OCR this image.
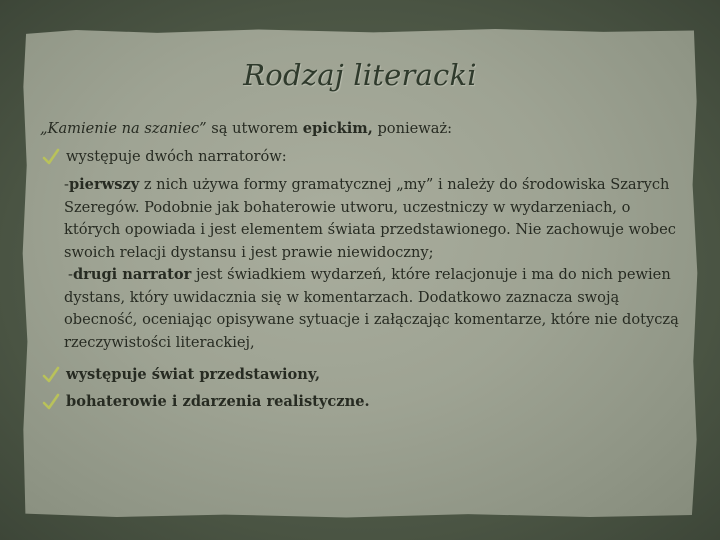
Rodzaj literacki

„Kamienie na szaniec” są utworem epickim, ponieważ:

występuje dwóch narratorów:

-pierwszy z nich używa formy gramatycznej „my” i należy do środowiska Szarych Szeregów. Podobnie jak bohaterowie utworu, uczestniczy w wydarzeniach, o których opowiada i jest elementem świata przedstawionego. Nie zachowuje wobec swoich relacji dystansu i jest prawie niewidoczny;

-drugi narrator jest świadkiem wydarzeń, które relacjonuje i ma do nich pewien dystans, który uwidacznia się w komentarzach. Dodatkowo zaznacza swoją obecność, oceniając opisywane sytuacje i załączając komentarze, które nie dotyczą rzeczywistości literackiej,

występuje świat przedstawiony,

bohaterowie i zdarzenia realistyczne.
